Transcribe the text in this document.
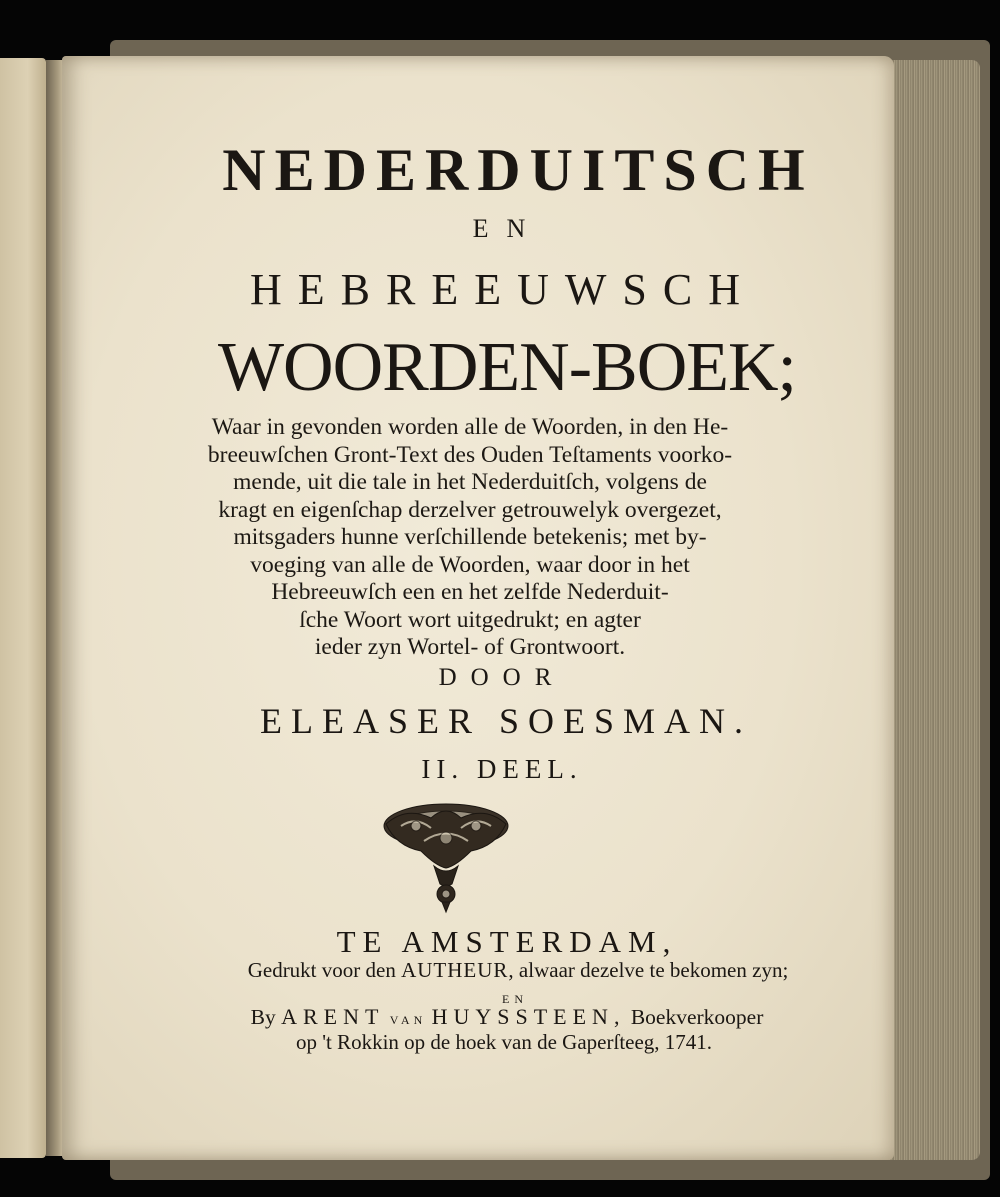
NEDERDUITSCH
EN
HEBREEUWSCH
WOORDEN-BOEK;
Waar in gevonden worden alle de Woorden, in den He-
breeuwſchen Gront-Text des Ouden Teſtaments voorko-
mende, uit die tale in het Nederduitſch, volgens de
kragt en eigenſchap derzelver getrouwelyk overgezet,
mitsgaders hunne verſchillende betekenis; met by-
voeging van alle de Woorden, waar door in het
Hebreeuwſch een en het zelfde Nederduit-
ſche Woort wort uitgedrukt; en agter
ieder zyn Wortel- of Grontwoort.
DOOR
ELEASER SOESMAN.
II. DEEL.
TE AMSTERDAM,
Gedrukt voor den AUTHEUR, alwaar dezelve te bekomen zyn;
EN
By ARENT VAN HUYSSTEEN, Boekverkooper
op 't Rokkin op de hoek van de Gaperſteeg, 1741.
